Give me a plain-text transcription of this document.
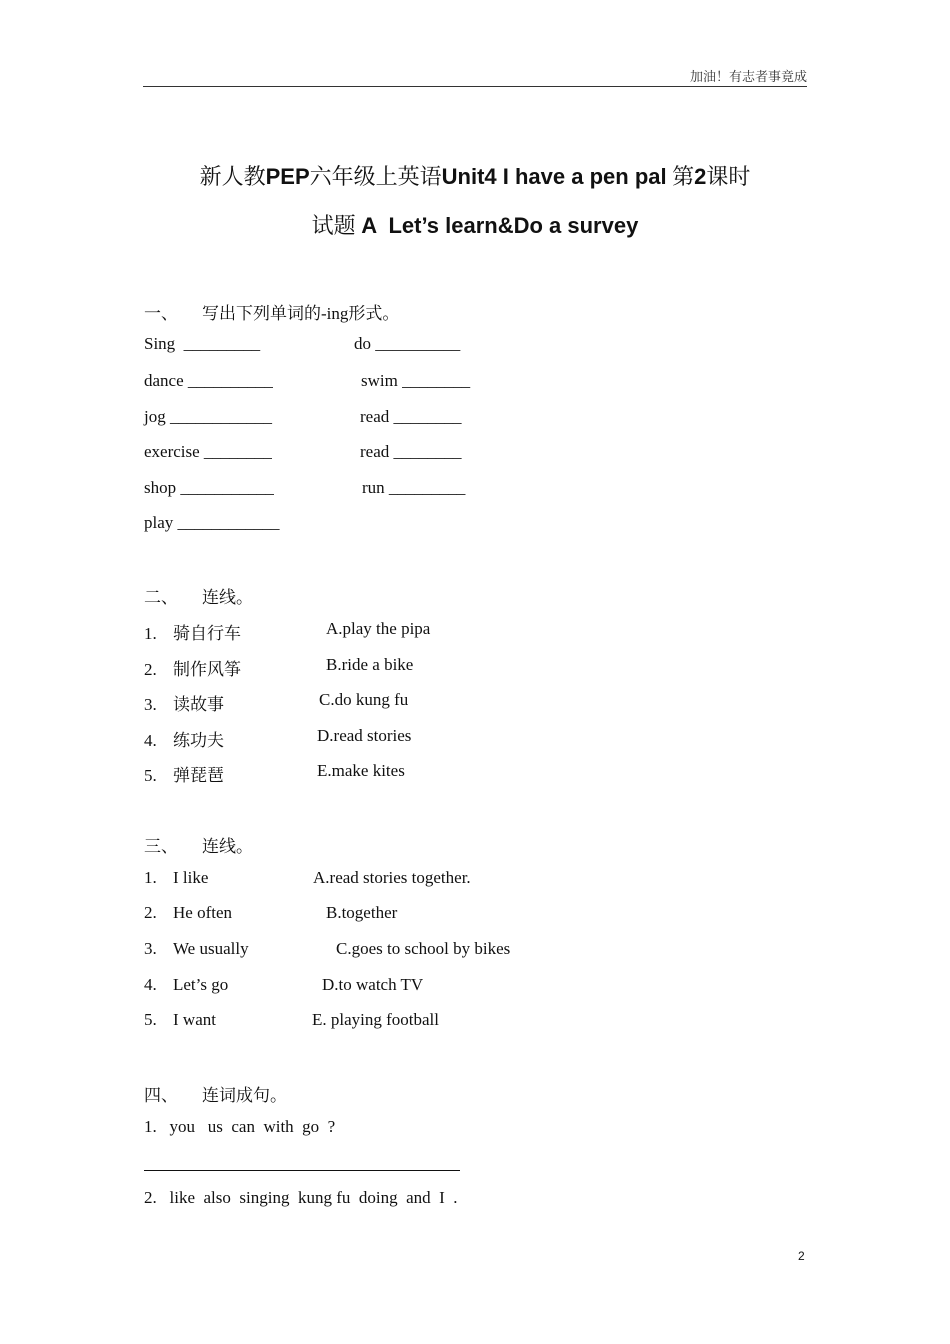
加油！有志者事竟成
新人教PEP六年级上英语Unit4 I have a pen pal 第2课时
试题 A  Let’s learn&Do a survey
一、 写出下列单词的-ing形式。
Sing  _________	do __________
dance __________	swim ________
jog ____________	read ________
exercise ________	read ________
shop ___________	run _________
play ____________
二、 连线。
1. 骑自行车	A.play the pipa
2. 制作风筝	B.ride a bike
3. 读故事	C.do kung fu
4. 练功夫	D.read stories
5. 弹琵琶	E.make kites
三、 连线。
1. I like	A.read stories together.
2. He often	B.together
3. We usually	C.goes to school by bikes
4. Let’s go	D.to watch TV
5. I want	E. playing football
四、 连词成句。
1.   you   us  can  with  go  ?
2.   like  also  singing  kung fu  doing  and  I  .
2
